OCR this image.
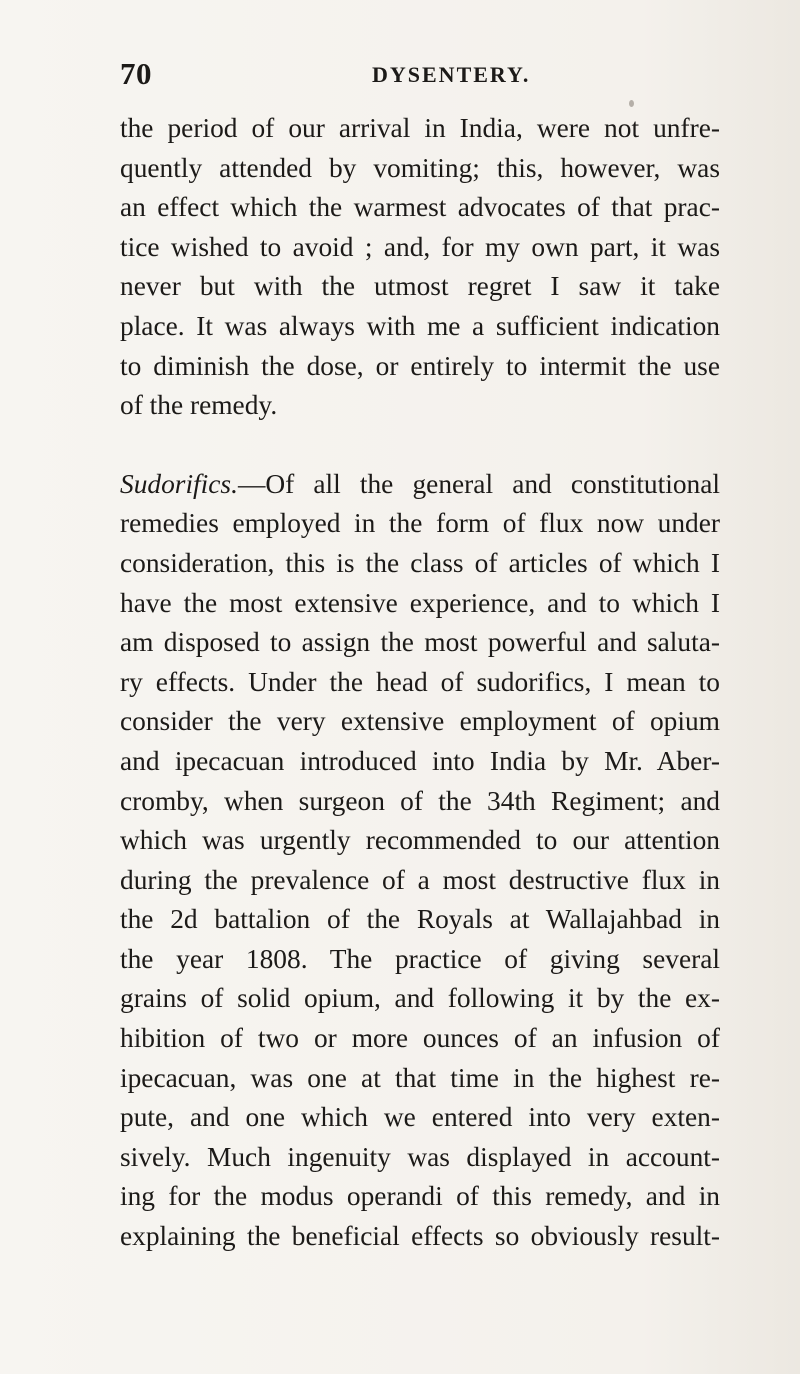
70	DYSENTERY.

the period of our arrival in India, were not unfre-
quently attended by vomiting; this, however, was
an effect which the warmest advocates of that prac-
tice wished to avoid ; and, for my own part, it was
never but with the utmost regret I saw it take
place. It was always with me a sufficient indication
to diminish the dose, or entirely to intermit the use
of the remedy.

Sudorifics.—Of all the general and constitutional
remedies employed in the form of flux now under
consideration, this is the class of articles of which I
have the most extensive experience, and to which I
am disposed to assign the most powerful and saluta-
ry effects. Under the head of sudorifics, I mean to
consider the very extensive employment of opium
and ipecacuan introduced into India by Mr. Aber-
cromby, when surgeon of the 34th Regiment; and
which was urgently recommended to our attention
during the prevalence of a most destructive flux in
the 2d battalion of the Royals at Wallajahbad in
the year 1808. The practice of giving several
grains of solid opium, and following it by the ex-
hibition of two or more ounces of an infusion of
ipecacuan, was one at that time in the highest re-
pute, and one which we entered into very exten-
sively. Much ingenuity was displayed in account-
ing for the modus operandi of this remedy, and in
explaining the beneficial effects so obviously result-
